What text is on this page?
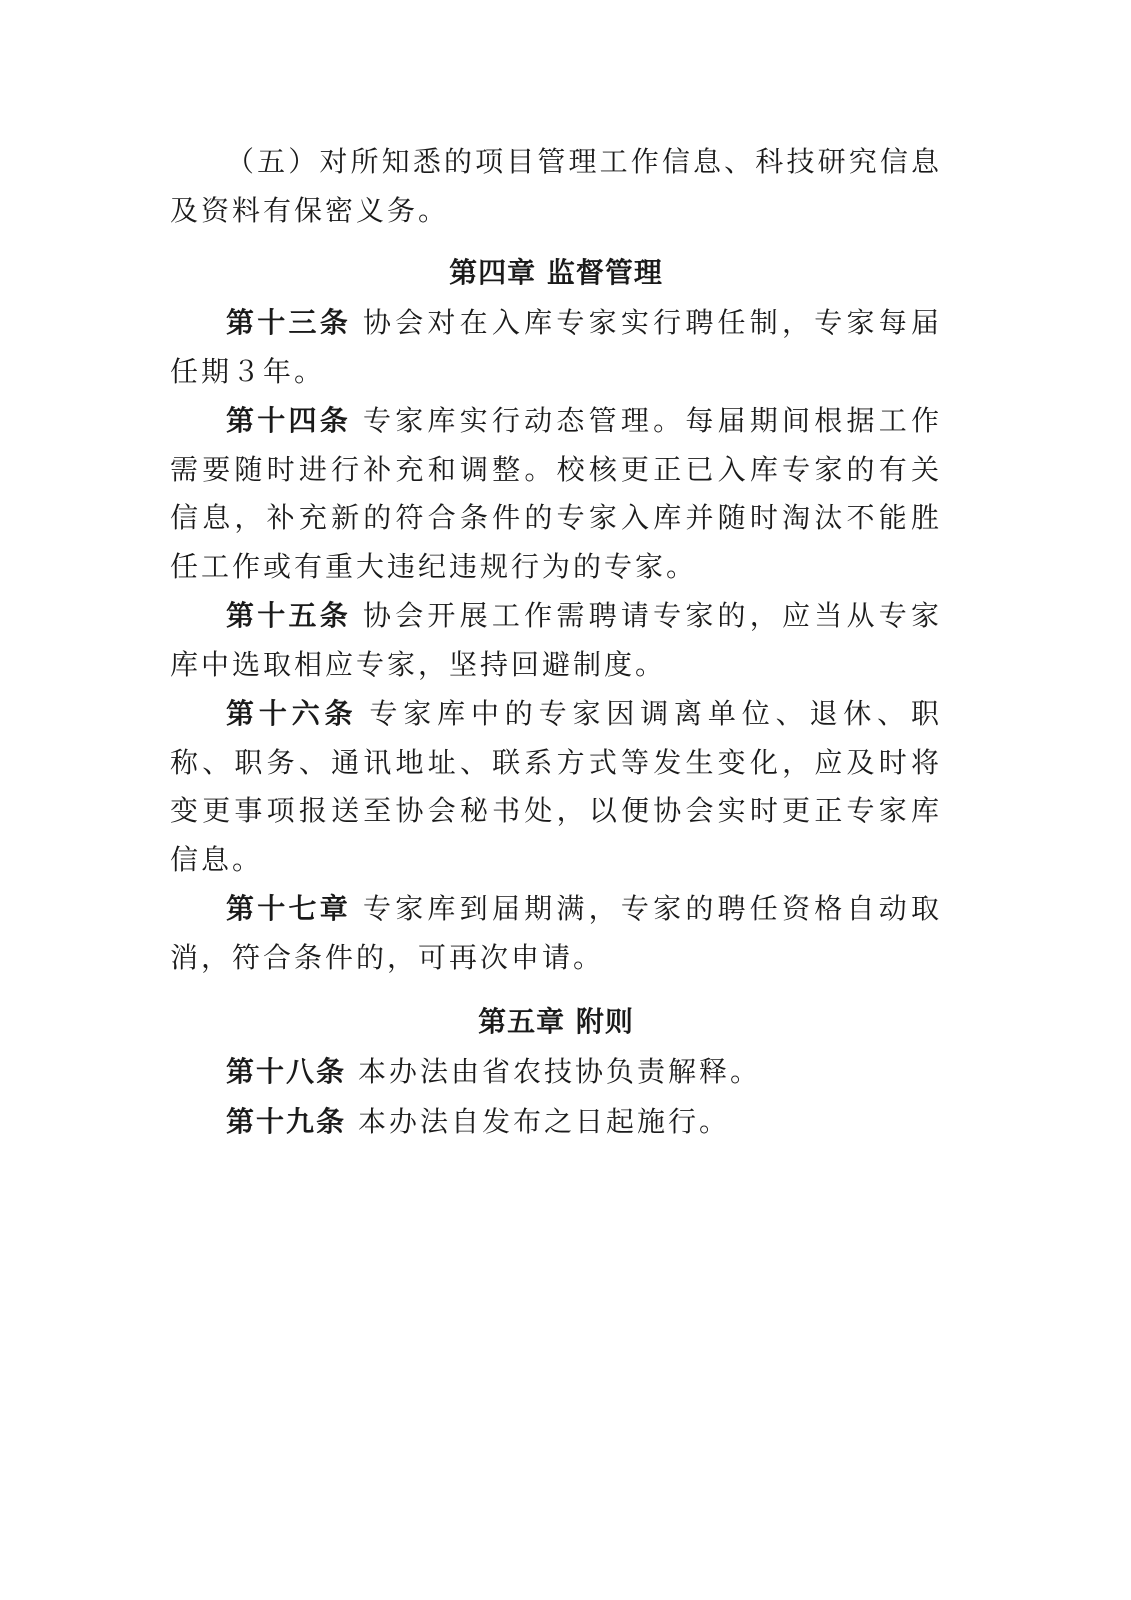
（五）对所知悉的项目管理工作信息、科技研究信息及资料有保密义务。

第四章 监督管理

第十三条 协会对在入库专家实行聘任制，专家每届任期３年。

第十四条 专家库实行动态管理。每届期间根据工作需要随时进行补充和调整。校核更正已入库专家的有关信息，补充新的符合条件的专家入库并随时淘汰不能胜任工作或有重大违纪违规行为的专家。

第十五条 协会开展工作需聘请专家的，应当从专家库中选取相应专家，坚持回避制度。

第十六条 专家库中的专家因调离单位、退休、职称、职务、通讯地址、联系方式等发生变化，应及时将变更事项报送至协会秘书处，以便协会实时更正专家库信息。

第十七章 专家库到届期满，专家的聘任资格自动取消，符合条件的，可再次申请。

第五章 附则

第十八条 本办法由省农技协负责解释。

第十九条 本办法自发布之日起施行。
